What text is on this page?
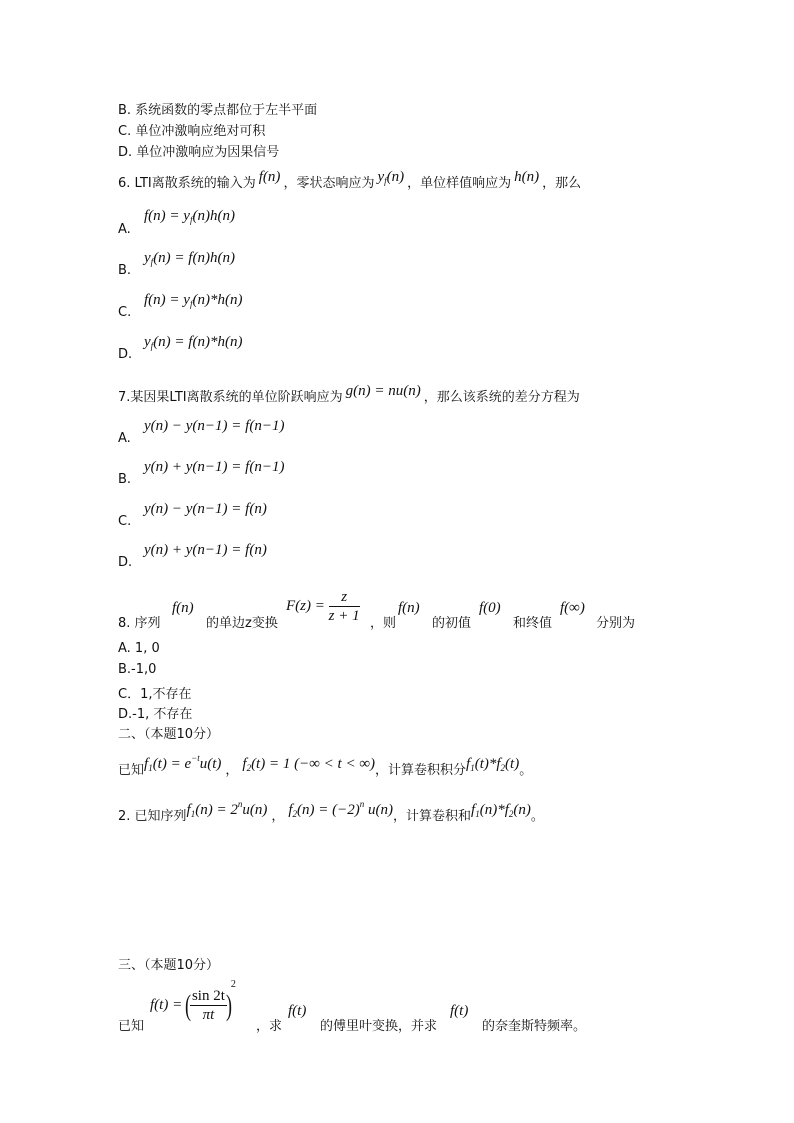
B. 系统函数的零点都位于左半平面
C. 单位冲激响应绝对可积
D. 单位冲激响应为因果信号
6. LTI离散系统的输入为 f(n) ，零状态响应为 $y_f(n)$ ，单位样值响应为 h(n) ，那么
A.
$f(n) = y_f(n)h(n)$
B.
$y_f(n) = f(n)h(n)$
C.
$f(n) = y_f(n)*h(n)$
D.
$y_f(n) = f(n)*h(n)$
7.某因果LTI离散系统的单位阶跃响应为 g(n) = nu(n) ，那么该系统的差分方程为
A.
y(n) − y(n−1) = f(n−1)
B.
y(n) + y(n−1) = f(n−1)
C.
y(n) − y(n−1) = f(n)
D.
y(n) + y(n−1) = f(n)
8. 序列
f(n)
的单边z变换
$F(z) = \frac{z}{z + 1}$ ，则
f(n)
的初值
f(0)
和终值
f(∞)
分别为
A. 1, 0
B.-1,0
C．1,不存在
D.-1, 不存在
二、（本题10分）
已知$f_1(t) = e^{-t}u(t)$ ， $f_2(t) = 1$ (−∞ < t < ∞)，计算卷积积分$f_1(t)*f_2(t)$。
2. 已知序列$f_1(n) = 2^nu(n)$ ， $f_2(n) = (-2)^n$ u(n)，计算卷积和$f_1(n)*f_2(n)$。
三、（本题10分）
已知
f(t) = ( $\frac{\sin 2t}{\pi t} )^2$
，求
f(t)
的傅里叶变换，并求
f(t)
的奈奎斯特频率。
